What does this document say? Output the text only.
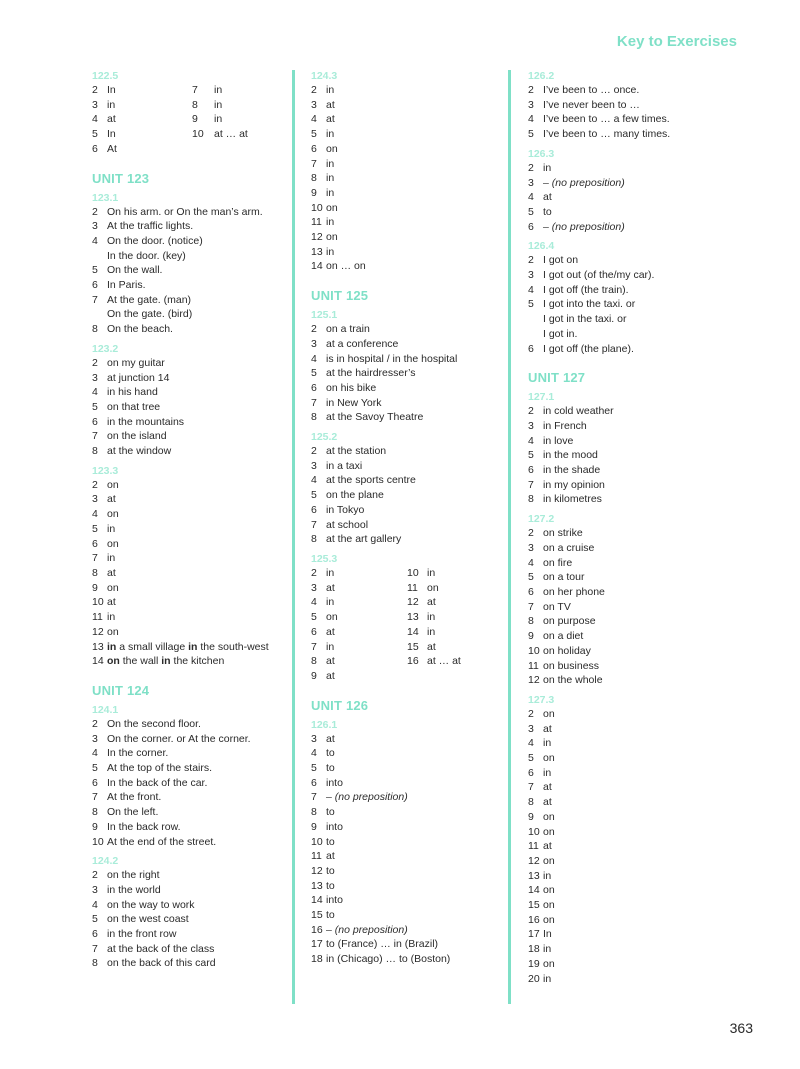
Key to Exercises
122.5
2 In
3 in
4 at
5 In
6 At
7	in
8	in
9	in
10 at … at
UNIT 123
123.1
2 On his arm. or On the man’s arm.
3 At the traffic lights.
4 On the door. (notice)
In the door. (key)
5 On the wall.
6 In Paris.
7 At the gate. (man)
On the gate. (bird)
8 On the beach.
123.2
2 on my guitar
3 at junction 14
4 in his hand
5 on that tree
6 in the mountains
7 on the island
8 at the window
123.3
2 on
3 at
4 on
5 in
6 on
7 in
8 at
9 on
10 at
11 in
12 on
13 in a small village in the south-west
14 on the wall in the kitchen
UNIT 124
124.1
2 On the second floor.
3 On the corner. or At the corner.
4 In the corner.
5 At the top of the stairs.
6 In the back of the car.
7 At the front.
8 On the left.
9 In the back row.
10 At the end of the street.
124.2
2 on the right
3 in the world
4 on the way to work
5 on the west coast
6 in the front row
7 at the back of the class
8 on the back of this card
124.3
2 in
3 at
4 at
5 in
6 on
7 in
8 in
9 in
10 on
11 in
12 on
13 in
14 on … on
UNIT 125
125.1
2 on a train
3 at a conference
4 is in hospital / in the hospital
5 at the hairdresser’s
6 on his bike
7 in New York
8 at the Savoy Theatre
125.2
2 at the station
3 in a taxi
4 at the sports centre
5 on the plane
6 in Tokyo
7 at school
8 at the art gallery
125.3
2 in
3 at
4 in
5 on
6 at
7 in
8 at
9 at
10 in
11 on
12 at
13 in
14 in
15 at
16 at … at
UNIT 126
126.1
3 at
4 to
5 to
6 into
7 – (no preposition)
8 to
9 into
10 to
11 at
12 to
13 to
14 into
15 to
16 – (no preposition)
17 to (France) … in (Brazil)
18 in (Chicago) … to (Boston)
126.2
2 I’ve been to … once.
3 I’ve never been to …
4 I’ve been to … a few times.
5 I’ve been to … many times.
126.3
2 in
3 – (no preposition)
4 at
5 to
6 – (no preposition)
126.4
2 I got on
3 I got out (of the/my car).
4 I got off (the train).
5 I got into the taxi. or
I got in the taxi. or
I got in.
6 I got off (the plane).
UNIT 127
127.1
2 in cold weather
3 in French
4 in love
5 in the mood
6 in the shade
7 in my opinion
8 in kilometres
127.2
2 on strike
3 on a cruise
4 on fire
5 on a tour
6 on her phone
7 on TV
8 on purpose
9 on a diet
10 on holiday
11 on business
12 on the whole
127.3
2 on
3 at
4 in
5 on
6 in
7 at
8 at
9 on
10 on
11 at
12 on
13 in
14 on
15 on
16 on
17 In
18 in
19 on
20 in
363
